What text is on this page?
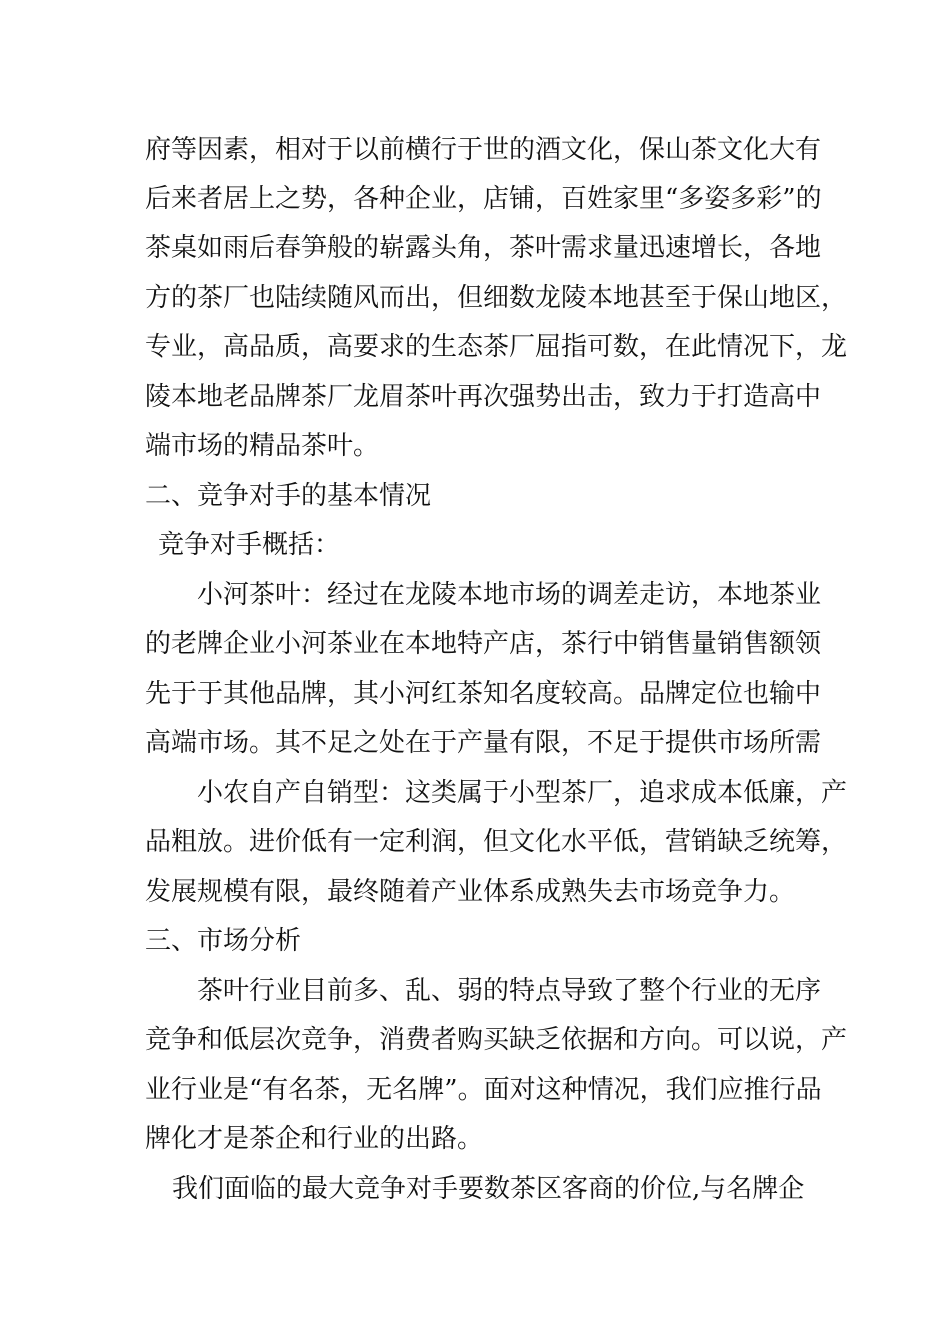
府等因素，相对于以前横行于世的酒文化，保山茶文化大有
后来者居上之势，各种企业，店铺，百姓家里“多姿多彩”的
茶桌如雨后春笋般的崭露头角，茶叶需求量迅速增长，各地
方的茶厂也陆续随风而出，但细数龙陵本地甚至于保山地区，
专业，高品质，高要求的生态茶厂屈指可数，在此情况下，龙
陵本地老品牌茶厂龙眉茶叶再次强势出击，致力于打造高中
端市场的精品茶叶。
二、竞争对手的基本情况
竞争对手概括：
小河茶叶：经过在龙陵本地市场的调差走访，本地茶业
的老牌企业小河茶业在本地特产店，茶行中销售量销售额领
先于于其他品牌，其小河红茶知名度较高。品牌定位也输中
高端市场。其不足之处在于产量有限，不足于提供市场所需
小农自产自销型：这类属于小型茶厂，追求成本低廉，产
品粗放。进价低有一定利润，但文化水平低，营销缺乏统筹，
发展规模有限，最终随着产业体系成熟失去市场竞争力。
三、市场分析
茶叶行业目前多、乱、弱的特点导致了整个行业的无序
竞争和低层次竞争，消费者购买缺乏依据和方向。可以说，产
业行业是“有名茶，无名牌”。面对这种情况，我们应推行品
牌化才是茶企和行业的出路。
我们面临的最大竞争对手要数茶区客商的价位,与名牌企
